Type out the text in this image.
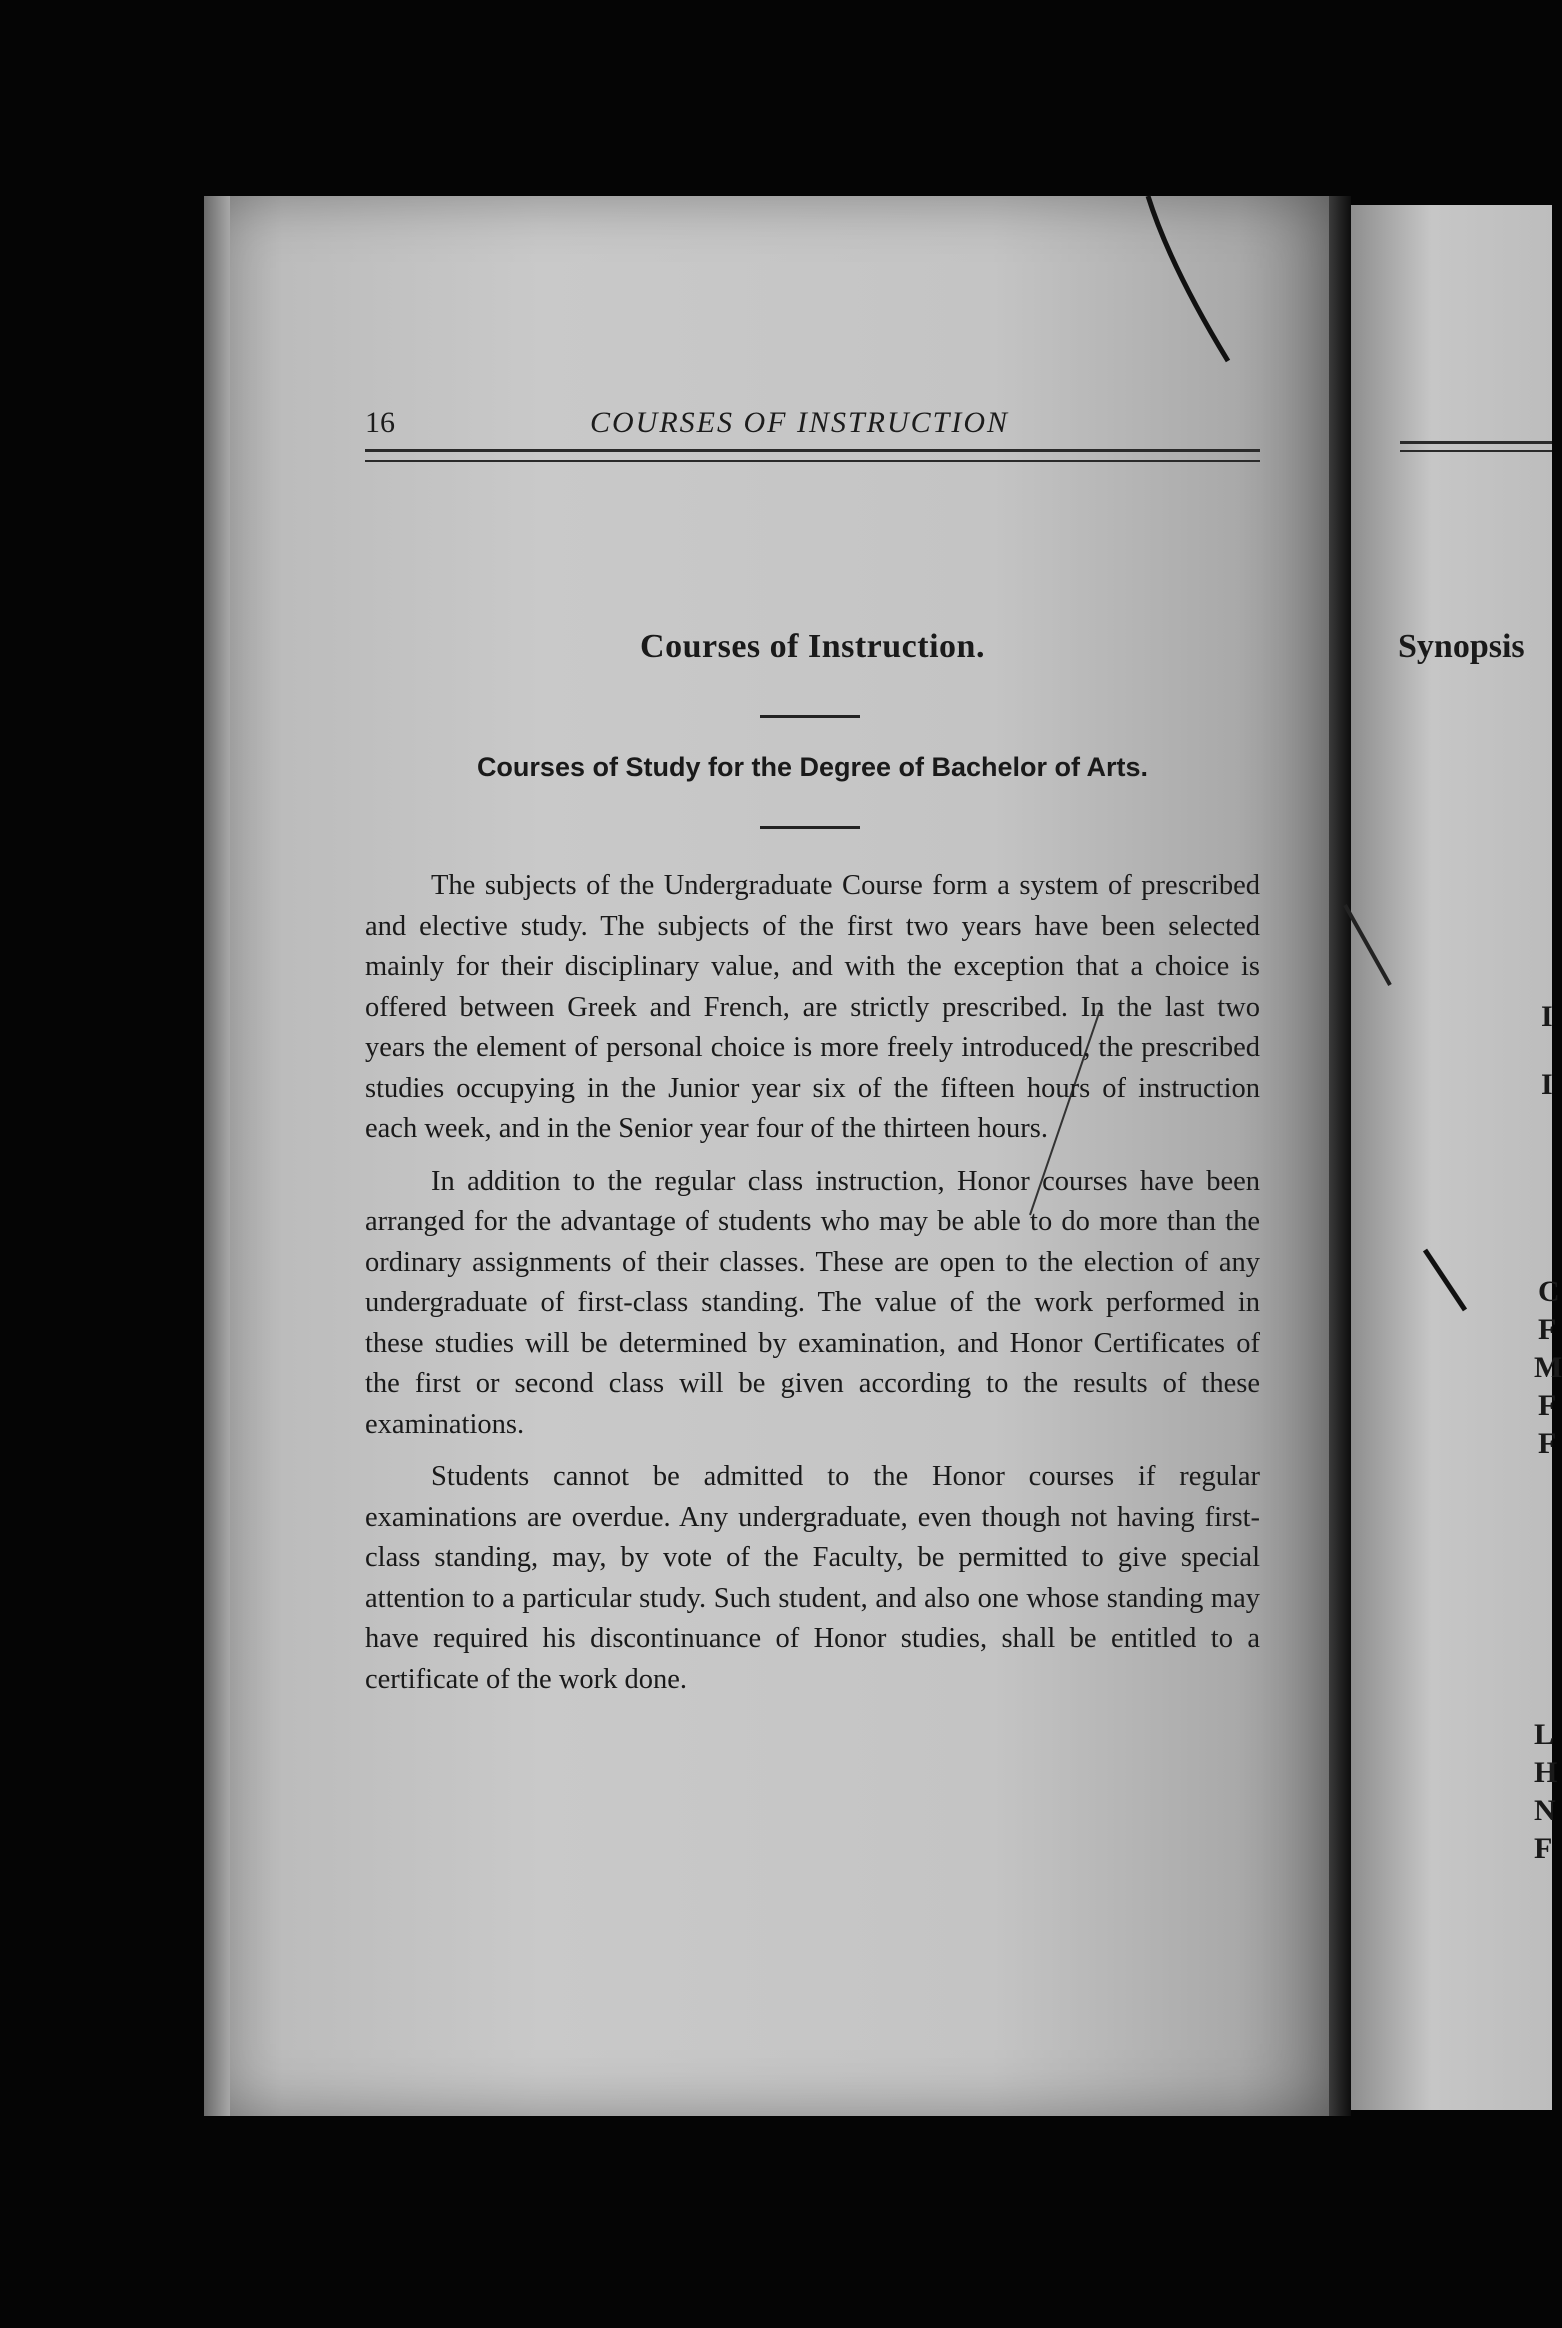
16	COURSES OF INSTRUCTION
Courses of Instruction.
Courses of Study for the Degree of Bachelor of Arts.

The subjects of the Undergraduate Course form a system of prescribed and elective study. The subjects of the first two years have been selected mainly for their disciplinary value, and with the exception that a choice is offered between Greek and French, are strictly prescribed. In the last two years the element of personal choice is more freely introduced, the prescribed studies occupying in the Junior year six of the fifteen hours of instruction each week, and in the Senior year four of the thirteen hours.

In addition to the regular class instruction, Honor courses have been arranged for the advantage of students who may be able to do more than the ordinary assignments of their classes. These are open to the election of any undergraduate of first-class standing. The value of the work performed in these studies will be determined by examination, and Honor Certificates of the first or second class will be given according to the results of these examinations.

Students cannot be admitted to the Honor courses if regular examinations are overdue. Any undergraduate, even though not having first-class standing, may, by vote of the Faculty, be permitted to give special attention to a particular study. Such student, and also one whose standing may have required his discontinuance of Honor studies, shall be entitled to a certificate of the work done.

Synopsis
I
I
C
F
M
F
F
L
H
N
F
